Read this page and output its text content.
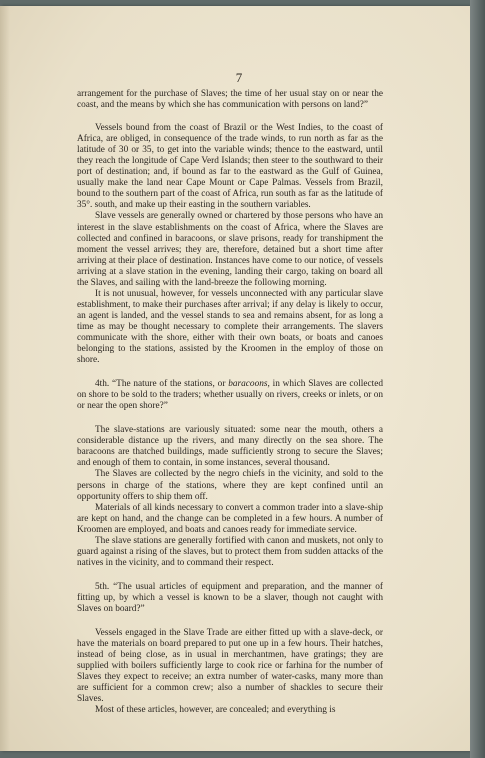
7

arrangement for the purchase of Slaves; the time of her usual stay on or near the coast, and the means by which she has communication with persons on land?”

Vessels bound from the coast of Brazil or the West Indies, to the coast of Africa, are obliged, in consequence of the trade winds, to run north as far as the latitude of 30 or 35, to get into the variable winds; thence to the eastward, until they reach the longitude of Cape Verd Islands; then steer to the southward to their port of destination; and, if bound as far to the eastward as the Gulf of Guinea, usually make the land near Cape Mount or Cape Palmas. Vessels from Brazil, bound to the southern part of the coast of Africa, run south as far as the latitude of 35°. south, and make up their easting in the southern variables.

Slave vessels are generally owned or chartered by those persons who have an interest in the slave establishments on the coast of Africa, where the Slaves are collected and confined in baracoons, or slave prisons, ready for transhipment the moment the vessel arrives; they are, therefore, detained but a short time after arriving at their place of destination. Instances have come to our notice, of vessels arriving at a slave station in the evening, landing their cargo, taking on board all the Slaves, and sailing with the land-breeze the following morning.

It is not unusual, however, for vessels unconnected with any particular slave establishment, to make their purchases after arrival; if any delay is likely to occur, an agent is landed, and the vessel stands to sea and remains absent, for as long a time as may be thought necessary to complete their arrangements. The slavers communicate with the shore, either with their own boats, or boats and canoes belonging to the stations, assisted by the Kroomen in the employ of those on shore.

4th. “The nature of the stations, or baracoons, in which Slaves are collected on shore to be sold to the traders; whether usually on rivers, creeks or inlets, or on or near the open shore?”

The slave-stations are variously situated: some near the mouth, others a considerable distance up the rivers, and many directly on the sea shore. The baracoons are thatched buildings, made sufficiently strong to secure the Slaves; and enough of them to contain, in some instances, several thousand.

The Slaves are collected by the negro chiefs in the vicinity, and sold to the persons in charge of the stations, where they are kept confined until an opportunity offers to ship them off.

Materials of all kinds necessary to convert a common trader into a slave-ship are kept on hand, and the change can be completed in a few hours. A number of Kroomen are employed, and boats and canoes ready for immediate service.

The slave stations are generally fortified with canon and muskets, not only to guard against a rising of the slaves, but to protect them from sudden attacks of the natives in the vicinity, and to command their respect.

5th. “The usual articles of equipment and preparation, and the manner of fitting up, by which a vessel is known to be a slaver, though not caught with Slaves on board?”

Vessels engaged in the Slave Trade are either fitted up with a slave-deck, or have the materials on board prepared to put one up in a few hours. Their hatches, instead of being close, as in usual in merchantmen, have gratings; they are supplied with boilers sufficiently large to cook rice or farhina for the number of Slaves they expect to receive; an extra number of water-casks, many more than are sufficient for a common crew; also a number of shackles to secure their Slaves.

Most of these articles, however, are concealed; and everything is
